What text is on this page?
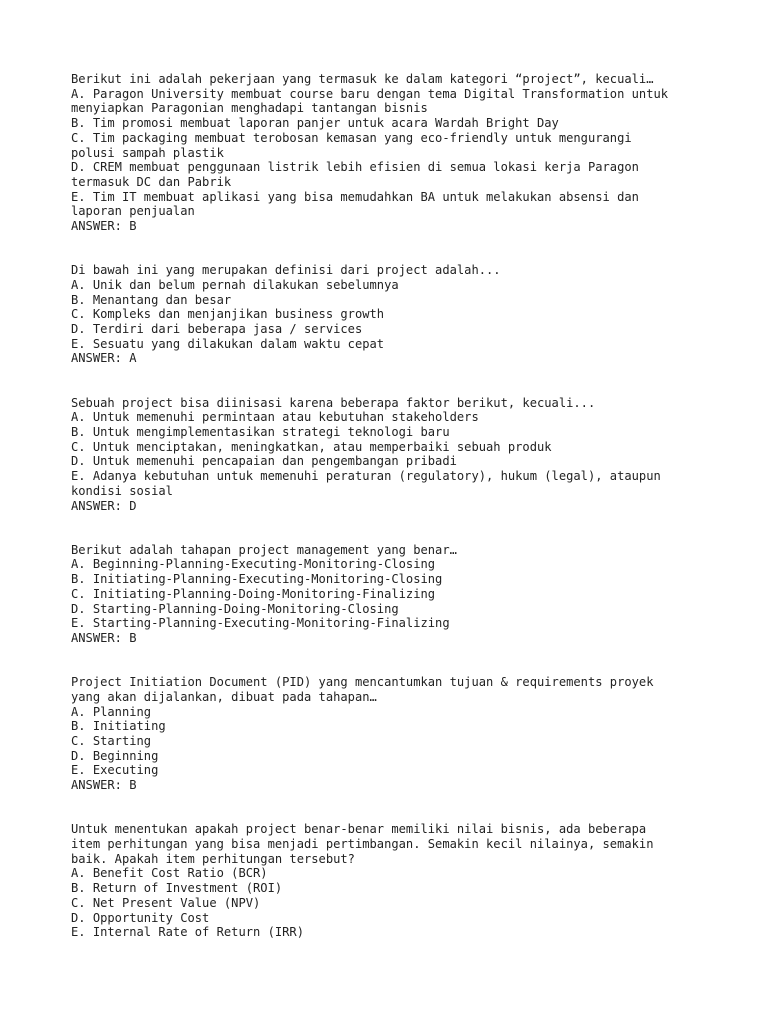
Berikut ini adalah pekerjaan yang termasuk ke dalam kategori “project”, kecuali…

A. Paragon University membuat course baru dengan tema Digital Transformation untuk

menyiapkan Paragonian menghadapi tantangan bisnis

B. Tim promosi membuat laporan panjer untuk acara Wardah Bright Day

C. Tim packaging membuat terobosan kemasan yang eco-friendly untuk mengurangi

polusi sampah plastik

D. CREM membuat penggunaan listrik lebih efisien di semua lokasi kerja Paragon

termasuk DC dan Pabrik

E. Tim IT membuat aplikasi yang bisa memudahkan BA untuk melakukan absensi dan

laporan penjualan

ANSWER: B

Di bawah ini yang merupakan definisi dari project adalah...

A. Unik dan belum pernah dilakukan sebelumnya

B. Menantang dan besar

C. Kompleks dan menjanjikan business growth

D. Terdiri dari beberapa jasa / services

E. Sesuatu yang dilakukan dalam waktu cepat

ANSWER: A

Sebuah project bisa diinisasi karena beberapa faktor berikut, kecuali...

A. Untuk memenuhi permintaan atau kebutuhan stakeholders

B. Untuk mengimplementasikan strategi teknologi baru

C. Untuk menciptakan, meningkatkan, atau memperbaiki sebuah produk

D. Untuk memenuhi pencapaian dan pengembangan pribadi

E. Adanya kebutuhan untuk memenuhi peraturan (regulatory), hukum (legal), ataupun

kondisi sosial

ANSWER: D

Berikut adalah tahapan project management yang benar…

A. Beginning-Planning-Executing-Monitoring-Closing

B. Initiating-Planning-Executing-Monitoring-Closing

C. Initiating-Planning-Doing-Monitoring-Finalizing

D. Starting-Planning-Doing-Monitoring-Closing

E. Starting-Planning-Executing-Monitoring-Finalizing

ANSWER: B

Project Initiation Document (PID) yang mencantumkan tujuan & requirements proyek

yang akan dijalankan, dibuat pada tahapan…

A. Planning

B. Initiating

C. Starting

D. Beginning

E. Executing

ANSWER: B

Untuk menentukan apakah project benar-benar memiliki nilai bisnis, ada beberapa

item perhitungan yang bisa menjadi pertimbangan. Semakin kecil nilainya, semakin

baik. Apakah item perhitungan tersebut?

A. Benefit Cost Ratio (BCR)

B. Return of Investment (ROI)

C. Net Present Value (NPV)

D. Opportunity Cost

E. Internal Rate of Return (IRR)
